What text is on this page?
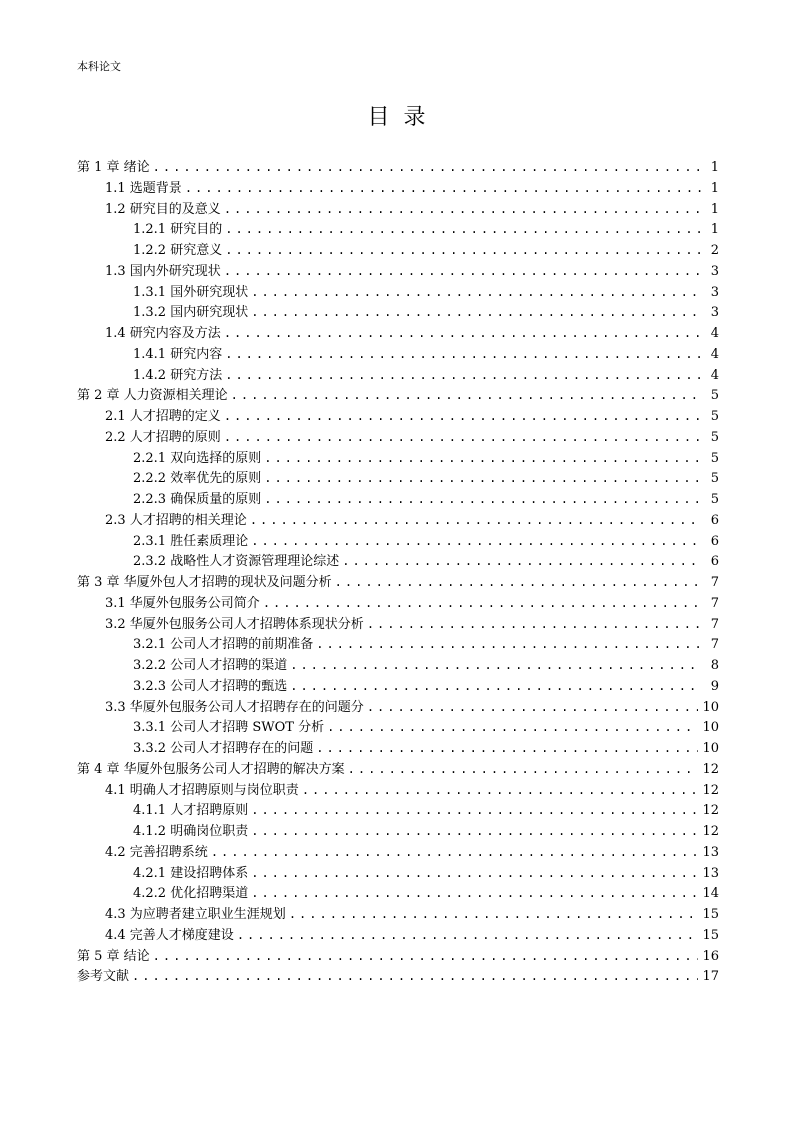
本科论文
目录
第 1 章 绪论 .....	1
1.1 选题背景 .....	1
1.2 研究目的及意义 .....	1
1.2.1 研究目的 .....	1
1.2.2 研究意义 .....	2
1.3 国内外研究现状 .....	3
1.3.1 国外研究现状 .....	3
1.3.2 国内研究现状 .....	3
1.4 研究内容及方法 .....	4
1.4.1 研究内容 .....	4
1.4.2 研究方法 .....	4
第 2 章 人力资源相关理论 .....	5
2.1 人才招聘的定义 .....	5
2.2 人才招聘的原则 .....	5
2.2.1 双向选择的原则 .....	5
2.2.2 效率优先的原则 .....	5
2.2.3 确保质量的原则 .....	5
2.3 人才招聘的相关理论 .....	6
2.3.1 胜任素质理论 .....	6
2.3.2 战略性人才资源管理理论综述 .....	6
第 3 章 华厦外包人才招聘的现状及问题分析 .....	7
3.1 华厦外包服务公司简介 .....	7
3.2 华厦外包服务公司人才招聘体系现状分析 .....	7
3.2.1 公司人才招聘的前期准备 .....	7
3.2.2 公司人才招聘的渠道 .....	8
3.2.3 公司人才招聘的甄选 .....	9
3.3 华厦外包服务公司人才招聘存在的问题分 .....	10
3.3.1 公司人才招聘 SWOT 分析 .....	10
3.3.2 公司人才招聘存在的问题 .....	10
第 4 章 华厦外包服务公司人才招聘的解决方案 .....	12
4.1 明确人才招聘原则与岗位职责 .....	12
4.1.1 人才招聘原则 .....	12
4.1.2 明确岗位职责 .....	12
4.2 完善招聘系统 .....	13
4.2.1 建设招聘体系 .....	13
4.2.2 优化招聘渠道 .....	14
4.3 为应聘者建立职业生涯规划 .....	15
4.4 完善人才梯度建设 .....	15
第 5 章 结论 .....	16
参考文献 .....	17
